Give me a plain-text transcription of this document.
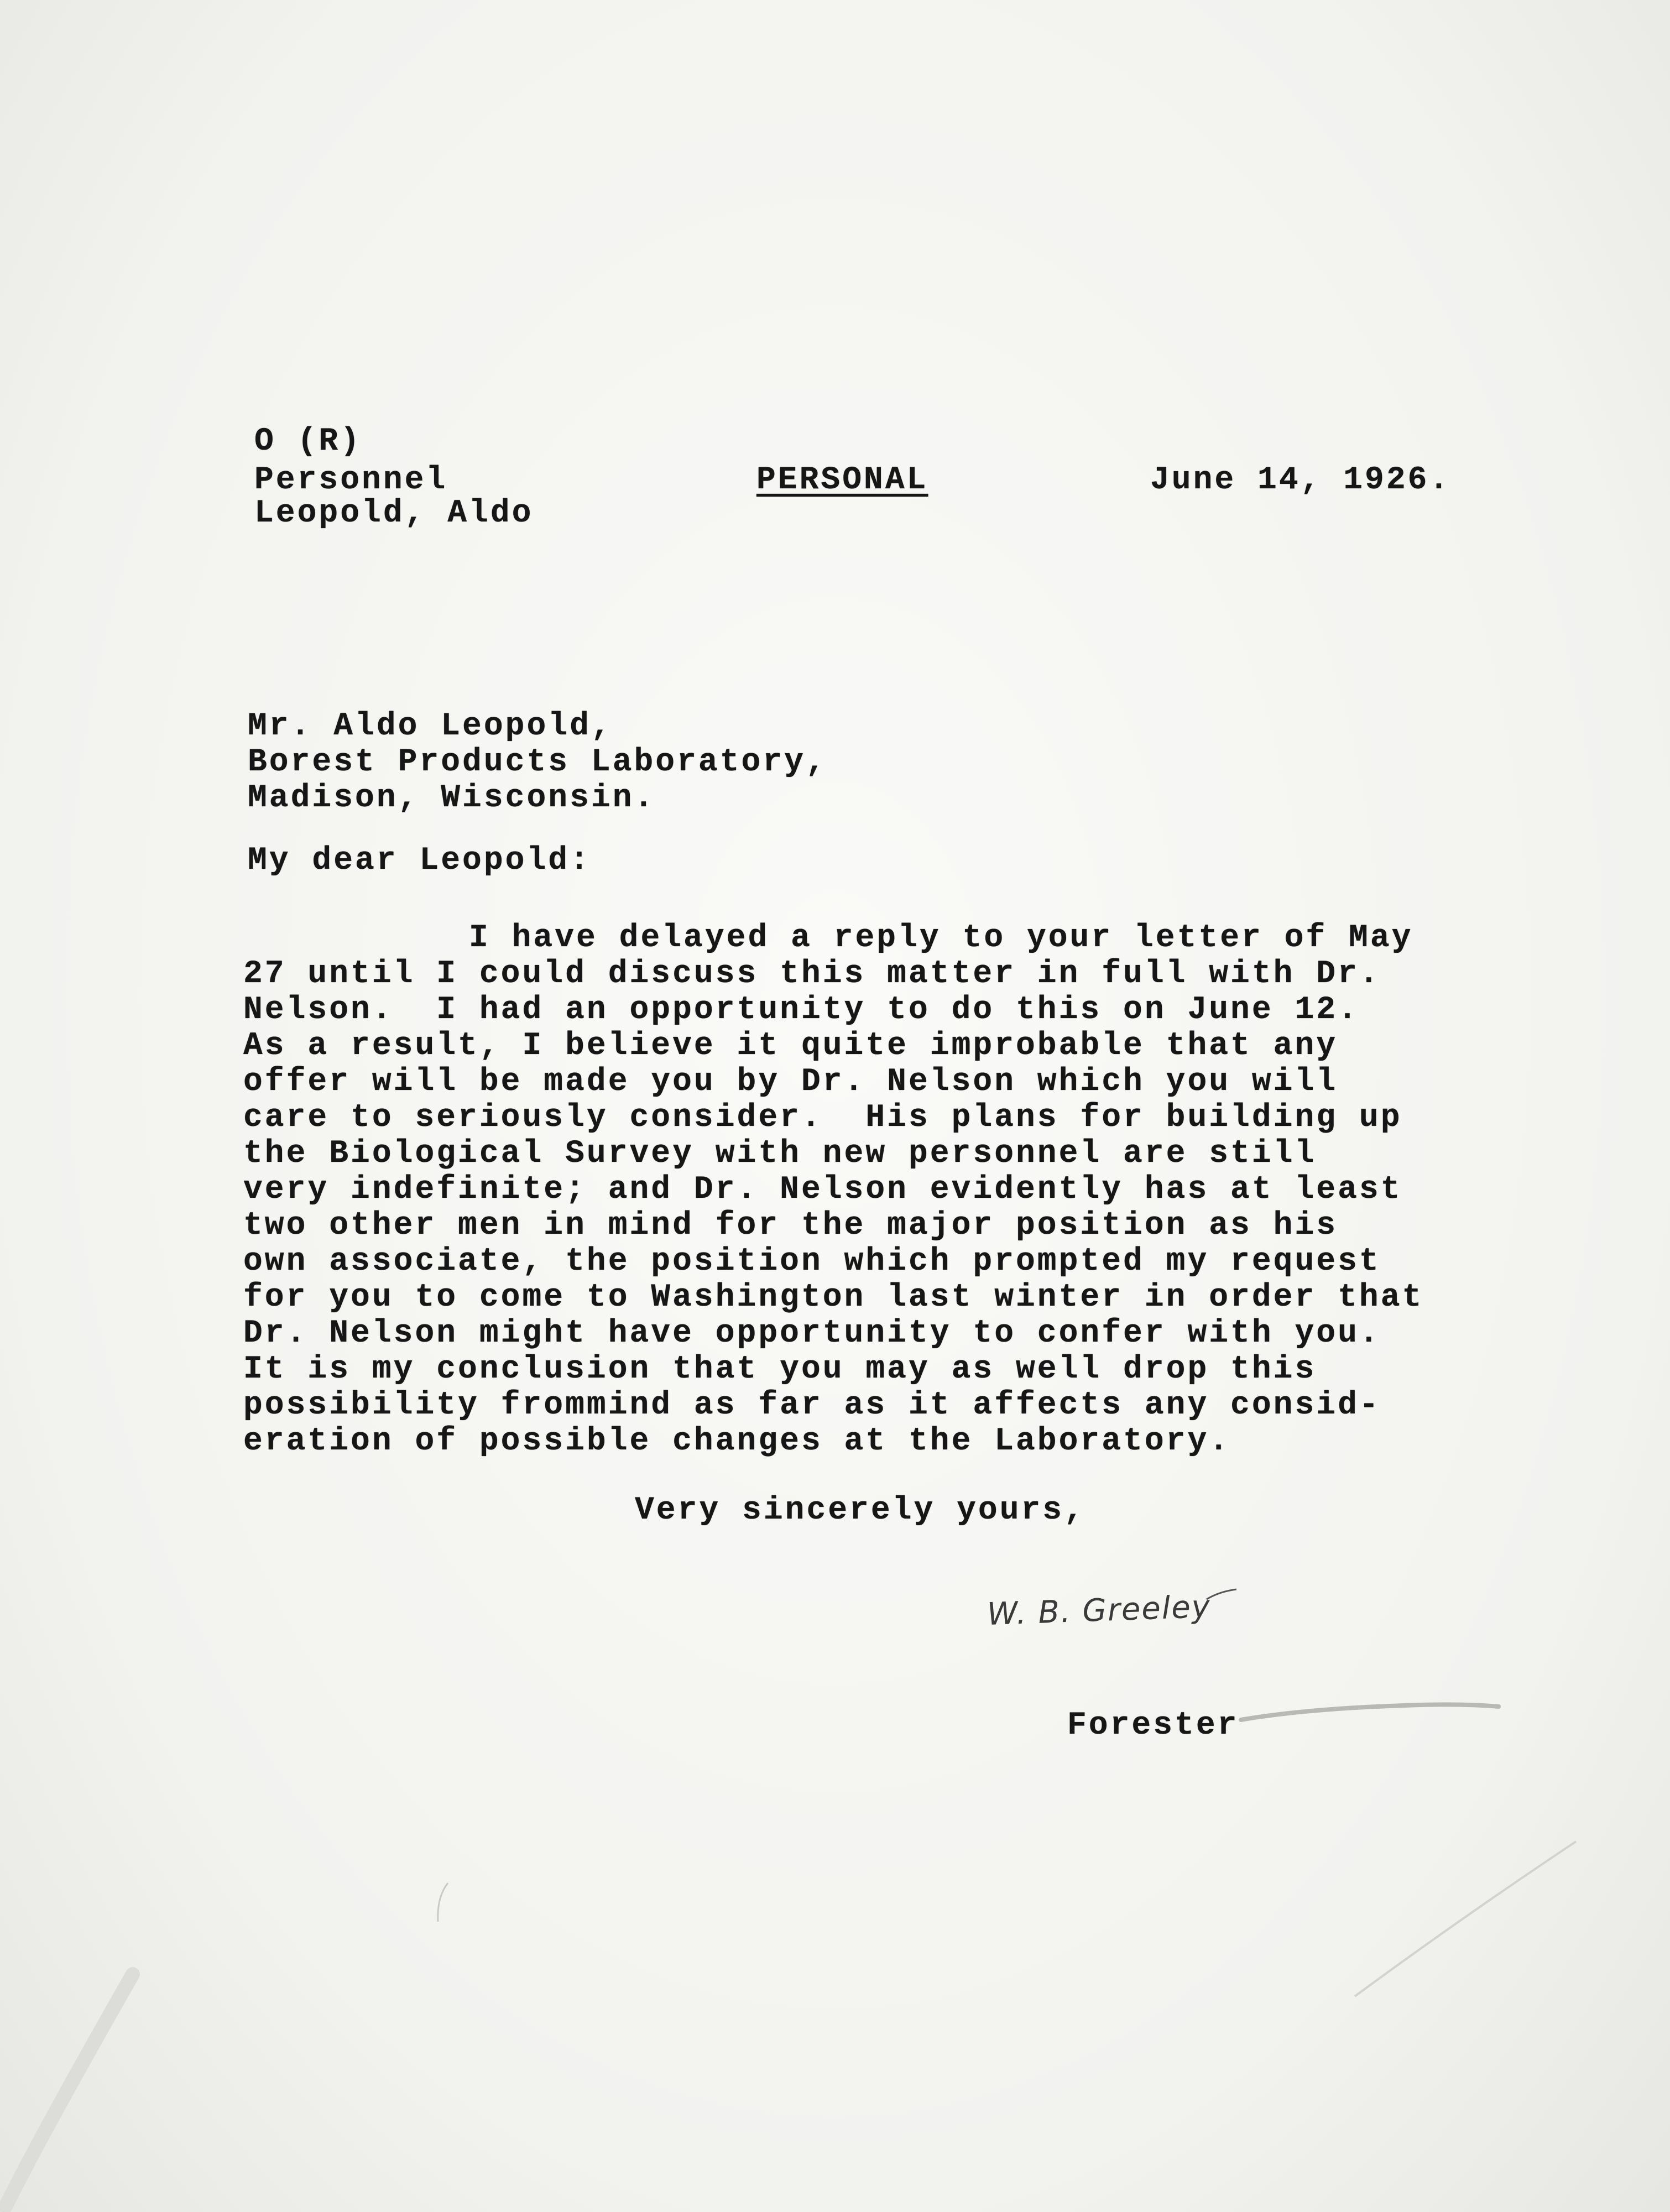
O (R)
Personnel
Leopold, Aldo
PERSONAL	June 14, 1926.
Mr. Aldo Leopold,
Borest Products Laboratory,
Madison, Wisconsin.
My dear Leopold:
I have delayed a reply to your letter of May
27 until I could discuss this matter in full with Dr.
Nelson.  I had an opportunity to do this on June 12.
As a result, I believe it quite improbable that any
offer will be made you by Dr. Nelson which you will
care to seriously consider.  His plans for building up
the Biological Survey with new personnel are still
very indefinite; and Dr. Nelson evidently has at least
two other men in mind for the major position as his
own associate, the position which prompted my request
for you to come to Washington last winter in order that
Dr. Nelson might have opportunity to confer with you.
It is my conclusion that you may as well drop this
possibility frommind as far as it affects any consid-
eration of possible changes at the Laboratory.
Very sincerely yours,
W. B. Greeley
Forester
